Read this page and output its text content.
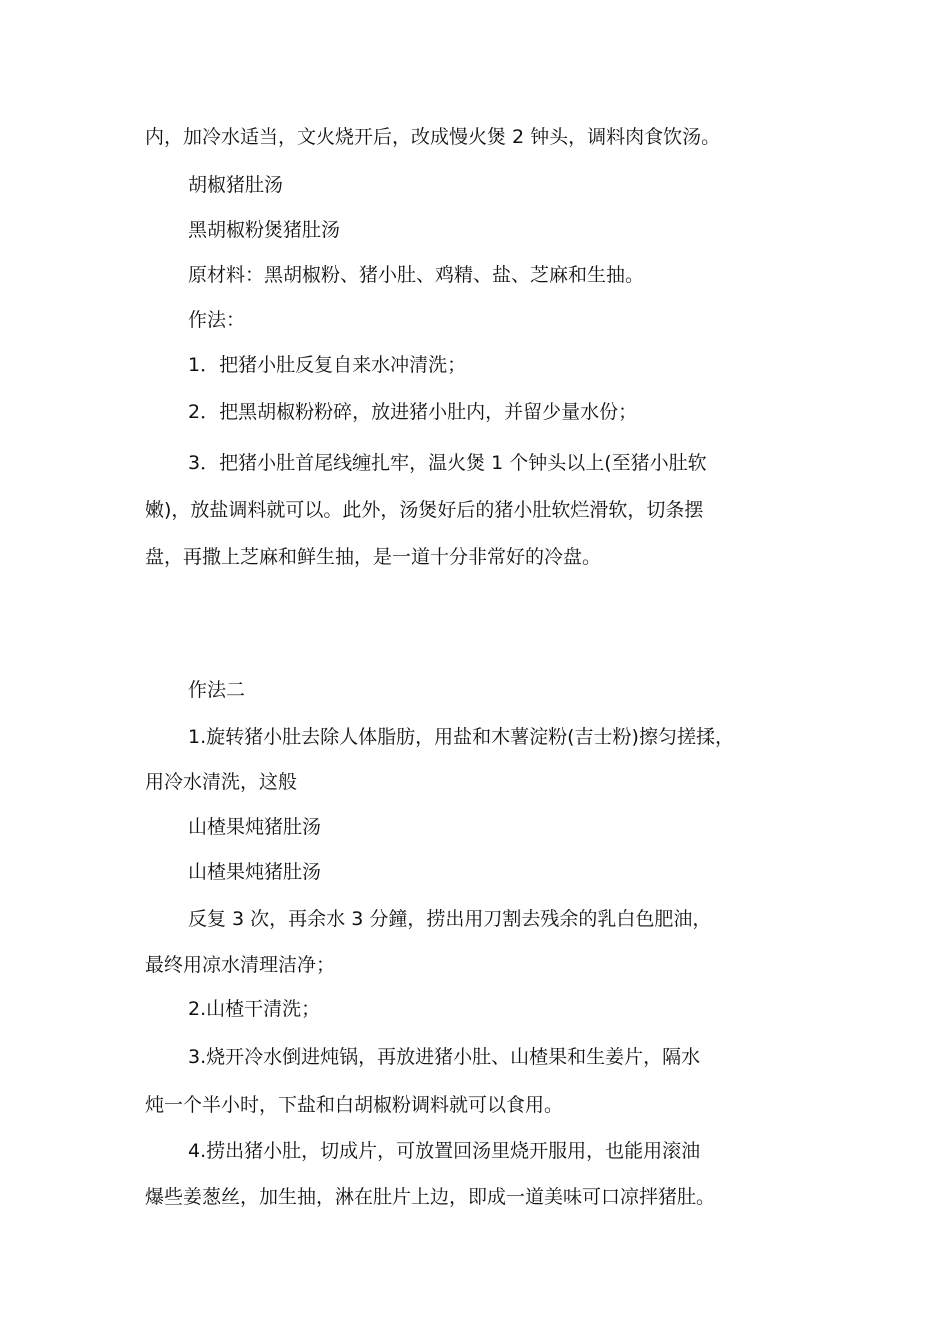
内，加冷水适当，文火烧开后，改成慢火煲 2 钟头，调料肉食饮汤。
胡椒猪肚汤
黑胡椒粉煲猪肚汤
原材料：黑胡椒粉、猪小肚、鸡精、盐、芝麻和生抽。
作法：
1．把猪小肚反复自来水冲清洗；
2．把黑胡椒粉粉碎，放进猪小肚内，并留少量水份；
3．把猪小肚首尾线缠扎牢，温火煲 1 个钟头以上(至猪小肚软
嫩)，放盐调料就可以。此外，汤煲好后的猪小肚软烂滑软，切条摆
盘，再撒上芝麻和鲜生抽，是一道十分非常好的冷盘。
作法二
1.旋转猪小肚去除人体脂肪，用盐和木薯淀粉(吉士粉)擦匀搓揉，
用冷水清洗，这般
山楂果炖猪肚汤
山楂果炖猪肚汤
反复 3 次，再余水 3 分鐘，捞出用刀割去残余的乳白色肥油，
最终用凉水清理洁净；
2.山楂干清洗；
3.烧开冷水倒进炖锅，再放进猪小肚、山楂果和生姜片，隔水
炖一个半小时，下盐和白胡椒粉调料就可以食用。
4.捞出猪小肚，切成片，可放置回汤里烧开服用，也能用滚油
爆些姜葱丝，加生抽，淋在肚片上边，即成一道美味可口凉拌猪肚。
